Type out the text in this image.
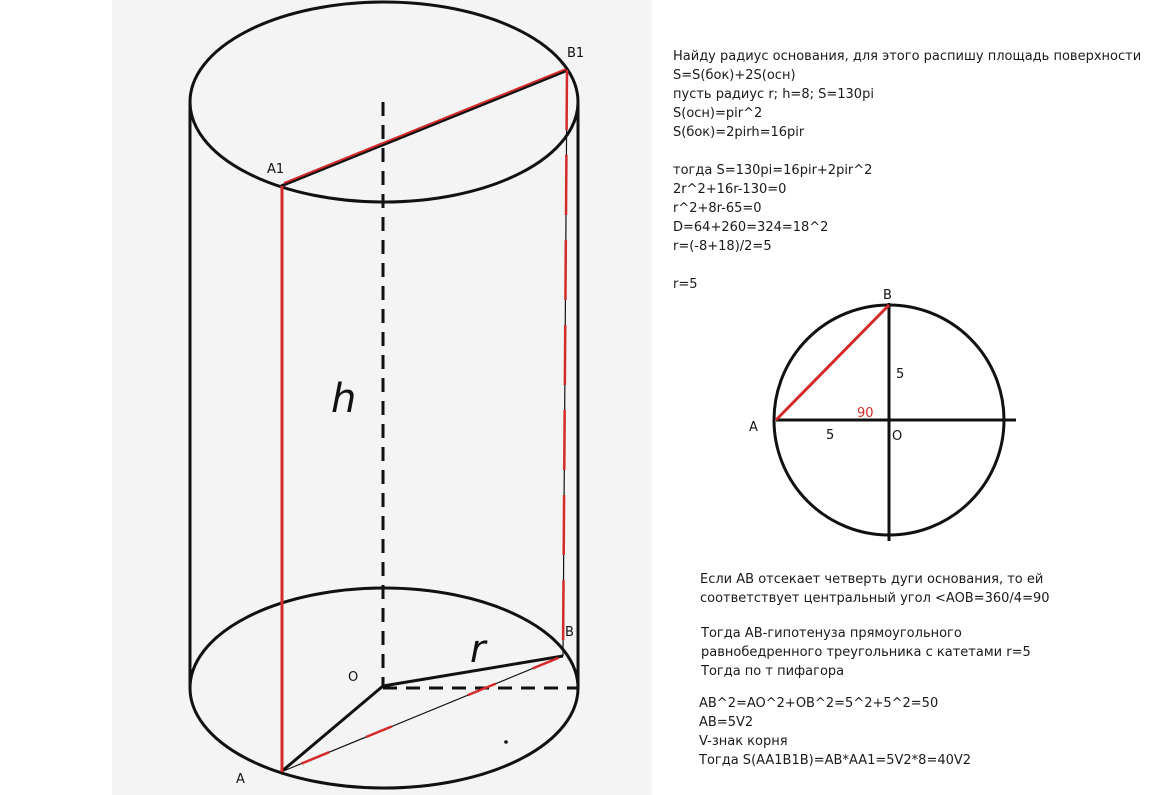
A1
B1
A
B
O
h
r
B
A
O
5
5
90
Найду радиус основания, для этого распишу площадь поверхности
S=S(бок)+2S(осн)
пусть радиус r; h=8; S=130pi
S(осн)=pir^2
S(бок)=2pirh=16pir
тогда S=130pi=16pir+2pir^2
2r^2+16r-130=0
r^2+8r-65=0
D=64+260=324=18^2
r=(-8+18)/2=5
r=5
Если АВ отсекает четверть дуги основания, то ей
соответствует центральный угол <AOB=360/4=90
Тогда АВ-гипотенуза прямоугольного
равнобедренного треугольника с катетами r=5
Тогда по т пифагора
AB^2=AO^2+OB^2=5^2+5^2=50
AB=5V2
V-знак корня
Тогда S(AA1B1B)=AB*AA1=5V2*8=40V2
